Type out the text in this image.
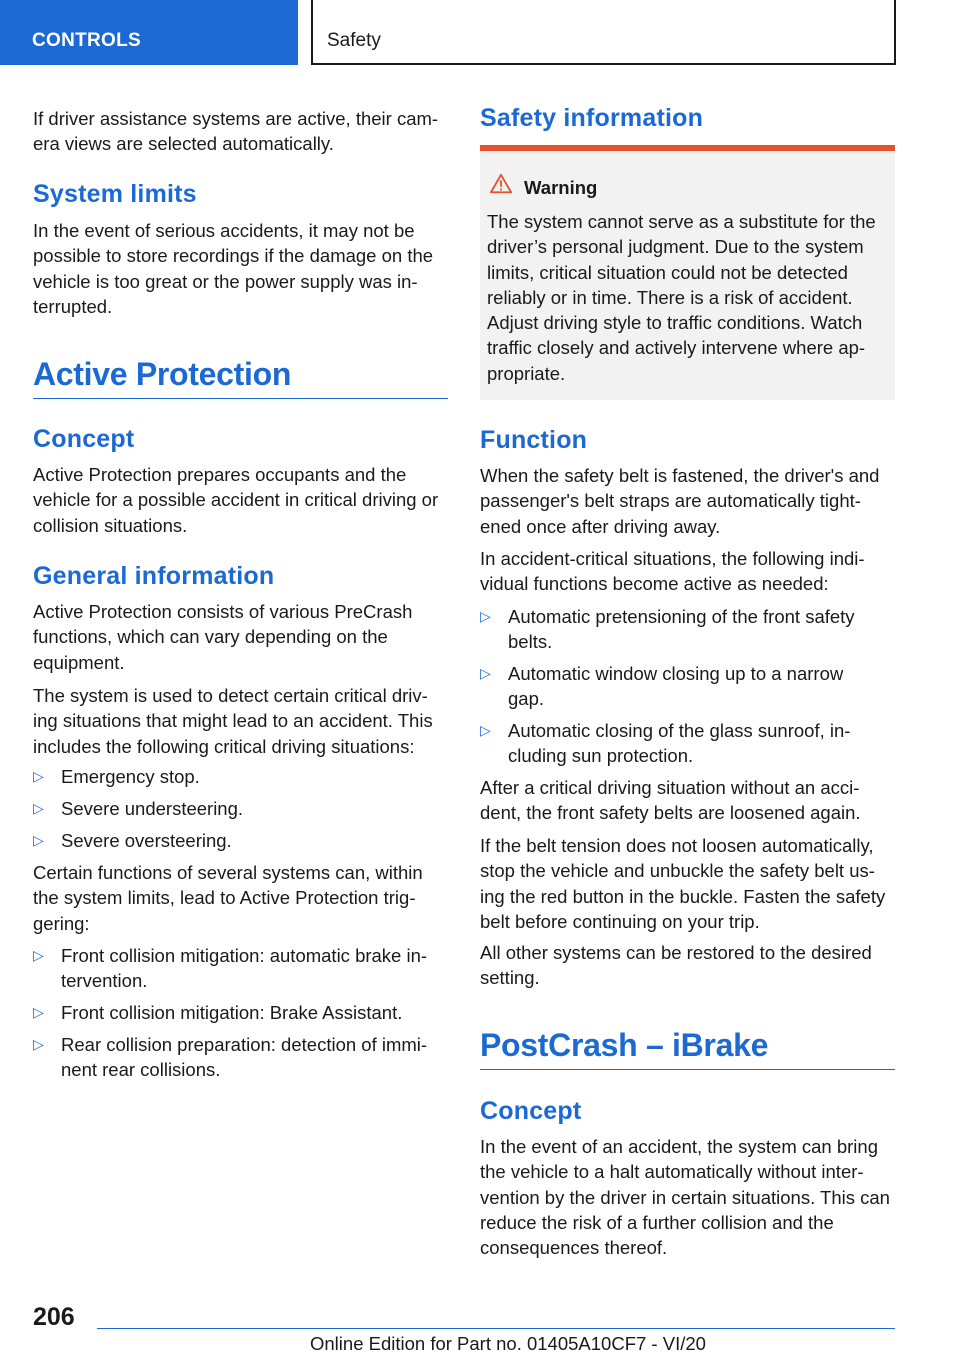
CONTROLS	Safety
If driver assistance systems are active, their cam-era views are selected automatically.
System limits
In the event of serious accidents, it may not be possible to store recordings if the damage on the vehicle is too great or the power supply was in-terrupted.
Active Protection
Concept
Active Protection prepares occupants and the vehicle for a possible accident in critical driving or collision situations.
General information
Active Protection consists of various PreCrash functions, which can vary depending on the equipment.
The system is used to detect certain critical driv-ing situations that might lead to an accident. This includes the following critical driving situations:
▷ Emergency stop.
▷ Severe understeering.
▷ Severe oversteering.
Certain functions of several systems can, within the system limits, lead to Active Protection trig-gering:
▷ Front collision mitigation: automatic brake in-tervention.
▷ Front collision mitigation: Brake Assistant.
▷ Rear collision preparation: detection of immi-nent rear collisions.
Safety information
Warning
The system cannot serve as a substitute for the driver’s personal judgment. Due to the system limits, critical situation could not be detected reliably or in time. There is a risk of accident. Adjust driving style to traffic conditions. Watch traffic closely and actively intervene where ap-propriate.
Function
When the safety belt is fastened, the driver's and passenger's belt straps are automatically tight-ened once after driving away.
In accident-critical situations, the following indi-vidual functions become active as needed:
▷ Automatic pretensioning of the front safety belts.
▷ Automatic window closing up to a narrow gap.
▷ Automatic closing of the glass sunroof, in-cluding sun protection.
After a critical driving situation without an acci-dent, the front safety belts are loosened again.
If the belt tension does not loosen automatically, stop the vehicle and unbuckle the safety belt us-ing the red button in the buckle. Fasten the safety belt before continuing on your trip.
All other systems can be restored to the desired setting.
PostCrash – iBrake
Concept
In the event of an accident, the system can bring the vehicle to a halt automatically without inter-vention by the driver in certain situations. This can reduce the risk of a further collision and the consequences thereof.
206
Online Edition for Part no. 01405A10CF7 - VI/20
